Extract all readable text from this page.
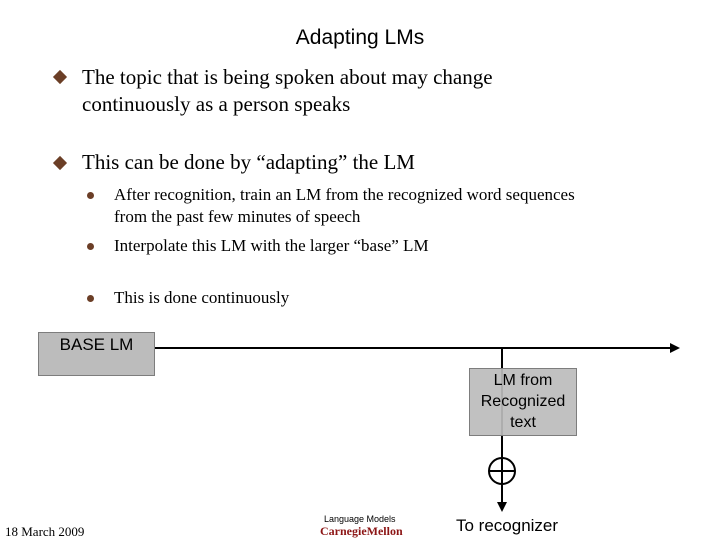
Adapting LMs
The topic that is being spoken about may change
continuously as a person speaks
This can be done by “adapting” the LM
After recognition, train an LM from the recognized word sequences
from the past few minutes of speech
Interpolate this LM with the larger “base” LM
This is done continuously
BASE LM
LM from
Recognized
text
To recognizer
18 March 2009
Language Models
CarnegieMellon
